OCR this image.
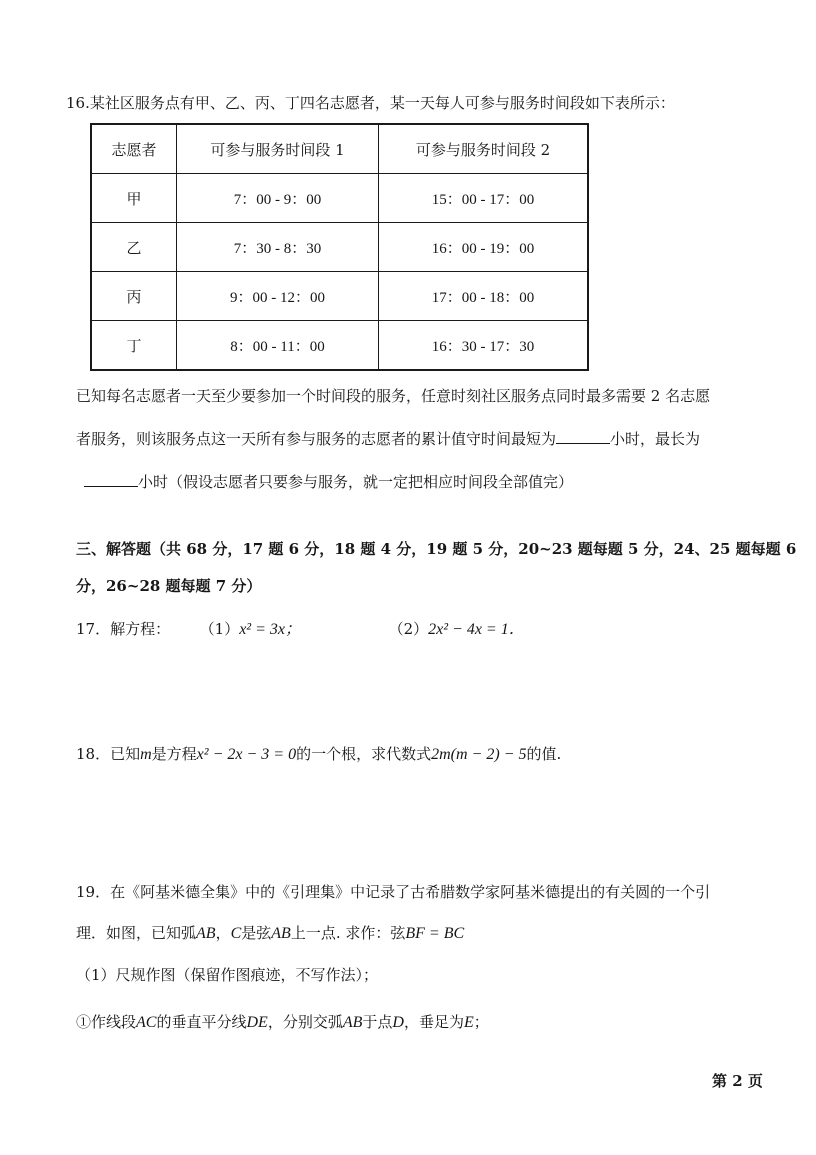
16.某社区服务点有甲、乙、丙、丁四名志愿者，某一天每人可参与服务时间段如下表所示：
志愿者	可参与服务时间段 1	可参与服务时间段 2
甲	7：00 - 9：00	15：00 - 17：00
乙	7：30 - 8：30	16：00 - 19：00
丙	9：00 - 12：00	17：00 - 18：00
丁	8：00 - 11：00	16：30 - 17：30
已知每名志愿者一天至少要参加一个时间段的服务，任意时刻社区服务点同时最多需要 2 名志愿
者服务，则该服务点这一天所有参与服务的志愿者的累计值守时间最短为	小时，最长为
小时（假设志愿者只要参与服务，就一定把相应时间段全部值完）
三、解答题（共 68 分，17 题 6 分，18 题 4 分，19 题 5 分，20~23 题每题 5 分，24、25 题每题 6
分，26~28 题每题 7 分）
17．解方程： （1）x² = 3x；	（2）2x² − 4x = 1．
18．已知m是方程x² − 2x − 3 = 0的一个根，求代数式2m(m − 2) − 5的值.
19．在《阿基米德全集》中的《引理集》中记录了古希腊数学家阿基米德提出的有关圆的一个引
理．如图，已知弧AB，C是弦AB上一点. 求作：弦BF = BC
（1）尺规作图（保留作图痕迹，不写作法）；
①作线段AC的垂直平分线DE，分别交弧AB于点D，垂足为E；
第 2 页
